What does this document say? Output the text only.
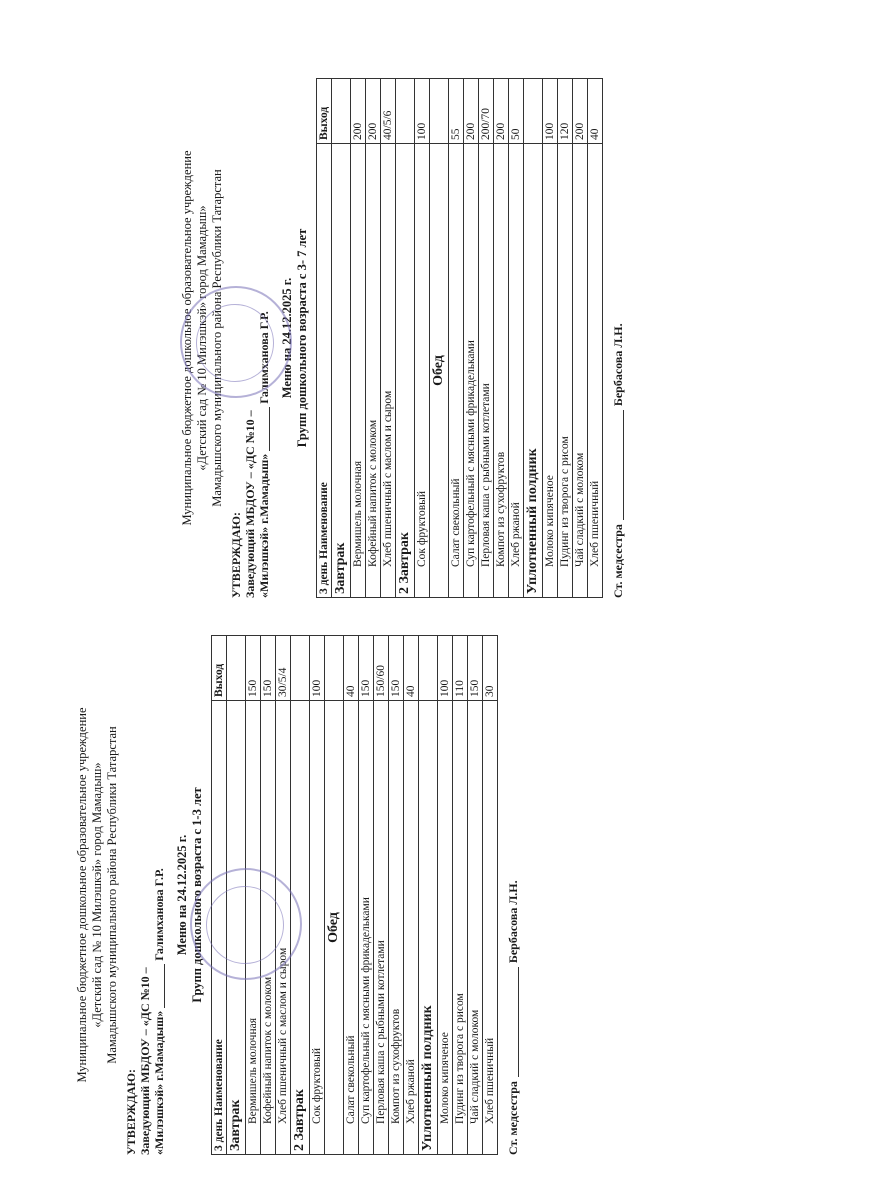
Муниципальное бюджетное дошкольное образовательное учреждение «Детский сад № 10 Милэшкэй» город Мамадыш» Мамадышского муниципального района Республики Татарстан
УТВЕРЖДАЮ: Заведующий МБДОУ – «ДС №10 – «Милэшкэй» г.Мамадыш»Галимханова Г.Р. Меню на 24.12.2025 г. Групп дошкольного возраста с 1-3 лет
3 день Наименование	Выход
Завтрак	
Вермишель молочная	150
Кофейный напиток с молоком	150
Хлеб пшеничный с маслом и сыром	30/5/4
2 Завтрак	
Сок фруктовый	100
Обед	
Салат свекольный	40
Суп картофельный с мясными фрикадельками	150
Перловая каша с рыбными котлетами	150/60
Компот из сухофруктов	150
Хлеб ржаной	40
Уплотненный полдник	
Молоко кипяченое	100
Пудинг из творога с рисом	110
Чай сладкий с молоком	150
Хлеб пшеничный	30
Ст. медсестраБербасова Л.Н.
Муниципальное бюджетное дошкольное образовательное учреждение «Детский сад № 10 Милэшкэй» город Мамадыш» Мамадышского муниципального района Республики Татарстан
УТВЕРЖДАЮ: Заведующий МБДОУ – «ДС №10 – «Милэшкэй» г.Мамадыш»Галимханова Г.Р. Меню на 24.12.2025 г. Групп дошкольного возраста с 3- 7 лет
3 день Наименование	Выход
Завтрак	
Вермишель молочная	200
Кофейный напиток с молоком	200
Хлеб пшеничный с маслом и сыром	40/5/6
2 Завтрак	
Сок фруктовый	100
Обед	
Салат свекольный	55
Суп картофельный с мясными фрикадельками	200
Перловая каша с рыбными котлетами	200/70
Компот из сухофруктов	200
Хлеб ржаной	50
Уплотненный полдник	
Молоко кипяченое	100
Пудинг из творога с рисом	120
Чай сладкий с молоком	200
Хлеб пшеничный	40
Ст. медсестраБербасова Л.Н.
